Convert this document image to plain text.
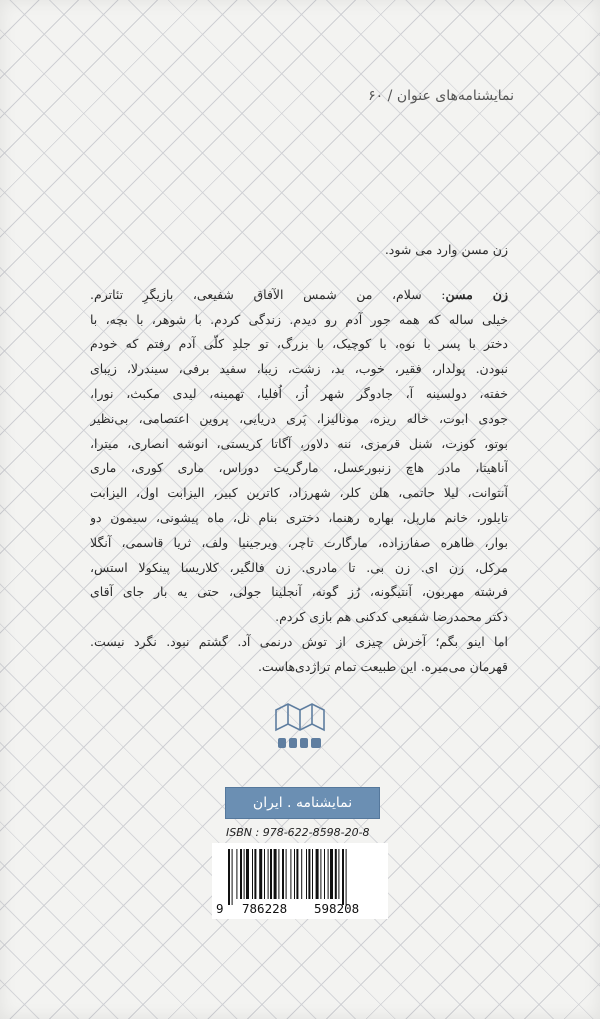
نمایشنامه‌های عنوان / ۶۰
زن مسن وارد می شود.
زن مسن: سلام، من شمس الآفاق شفیعی، بازیگرِ تئاترم.
خیلی ساله که همه جور آدم رو دیدم. زندگی کردم. با شوهر، با بچه، با
دختر با پسر با نوه، با کوچیک، با بزرگ، تو جلدِ کلّی آدم رفتم که خودم
نبودن. پولدار، فقیر، خوب، بد، زشت، زیبا، سفید برفی، سیندرلا، زیبای
خفته، دولسینه آ، جادوگر شهر اُز، اُفلیا، تهمینه، لیدی مکبث، نورا،
جودی ابوت، خاله ریزه، مونالیزا، پَری دریایی، پروین اعتصامی، بی‌نظیر
بوتو، کوزت، شنل قرمزی، ننه دلاور، آگاتا کریستی، انوشه انصاری، میترا،
آناهیتا، مادر هاچ زنبورعسل، مارگریت دوراس، ماری کوری، ماری
آنتوانت، لیلا حاتمی، هلن کلر، شهرزاد، کاترین کبیر، الیزابت اول، الیزابت
تایلور، خانم مارپل، بهاره رهنما، دختری بنام نل، ماه پیشونی، سیمون دو
بوار، طاهره صفارزاده، مارگارت تاچر، ویرجینیا ولف، ثریا قاسمی، آنگلا
مرکل، زن ای. زن بی. تا مادری. زن فالگیر، کلاریسا پینکولا استس،
فرشته مهربون، آنتیگونه، رُز گونه، آنجلینا جولی، حتی یه بار جای آقای
دکتر محمدرضا شفیعی کدکنی هم بازی کردم.
اما اینو بگم؛ آخرش چیزی از توش درنمی آد. گشتم نبود. نگرد نیست.
قهرمان می‌میره. این طبیعت تمام تراژدی‌هاست.
نمایشنامه . ایران
ISBN : 978-622-8598-20-8
9 786228 598208
